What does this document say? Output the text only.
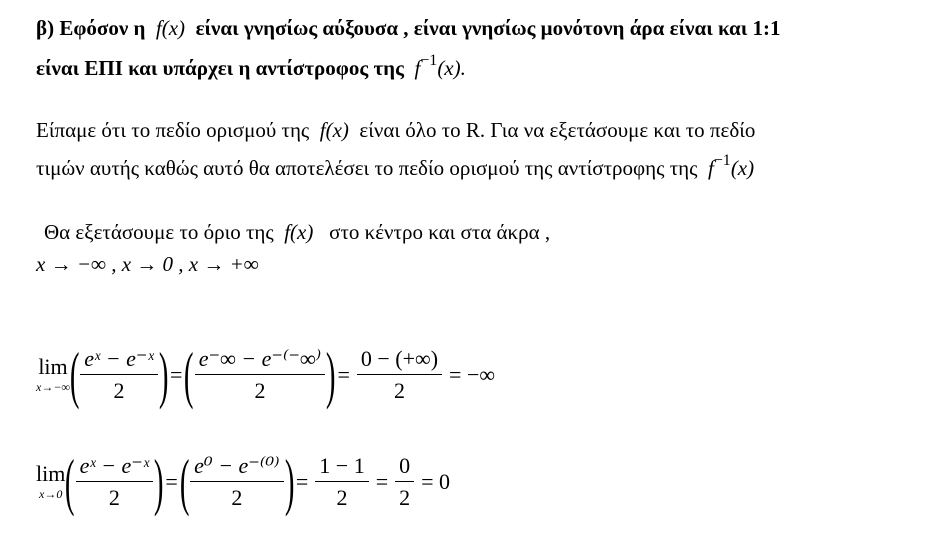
β) Εφόσον η f(x) είναι γνησίως αύξουσα , είναι γνησίως μονότονη άρα είναι και 1:1
είναι ΕΠΙ και υπάρχει η αντίστροφος της $f^{-1}(x)$.
Είπαμε ότι το πεδίο ορισμού της f(x) είναι όλο το R. Για να εξετάσουμε και το πεδίο
τιμών αυτής καθώς αυτό θα αποτελέσει το πεδίο ορισμού της αντίστροφης της $f^{-1}(x)$
Θα εξετάσουμε το όριο της f(x) στο κέντρο και στα άκρα ,
x → −∞ , x → 0 , x → +∞
lim
x→−∞ ( $\frac{\text{eˣ − e⁻ˣ}}{2}$ ) = ( $\frac{e^-\infty - e^{-(-}\infty^)}{2}$ ) = $\frac{0 - (+\infty)}{2}$ = −∞
lim
x→0 ( $\frac{\text{eˣ − e⁻ˣ}}{2}$ ) = ( $\frac{\text{e⁰ − e⁻⁽⁰⁾}}{2}$ ) = $\frac{1 - 1}{2} = \frac{0}{2} = 0$
